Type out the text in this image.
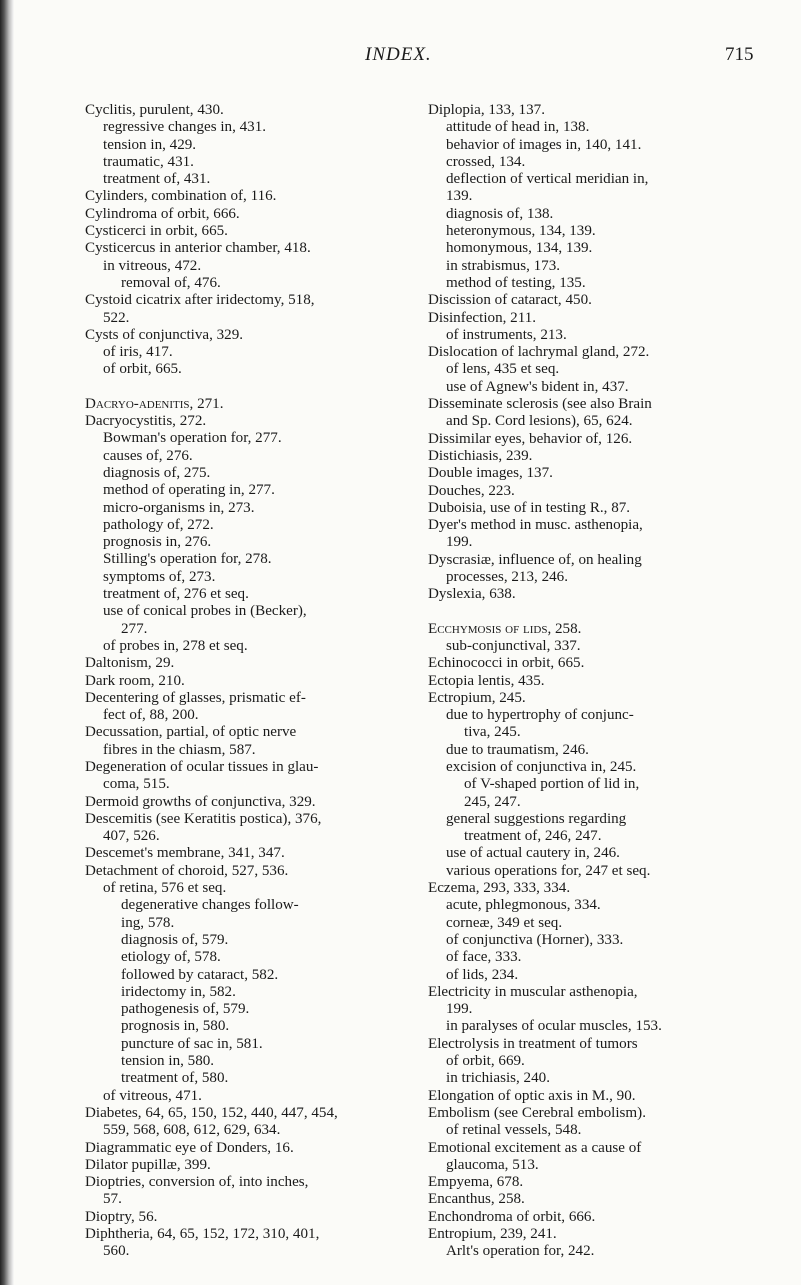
INDEX.	715
Cyclitis, purulent, 430.
regressive changes in, 431.
tension in, 429.
traumatic, 431.
treatment of, 431.
Cylinders, combination of, 116.
Cylindroma of orbit, 666.
Cysticerci in orbit, 665.
Cysticercus in anterior chamber, 418.
in vitreous, 472.
removal of, 476.
Cystoid cicatrix after iridectomy, 518,
522.
Cysts of conjunctiva, 329.
of iris, 417.
of orbit, 665.
Dacryo-adenitis, 271.
Dacryocystitis, 272.
Bowman's operation for, 277.
causes of, 276.
diagnosis of, 275.
method of operating in, 277.
micro-organisms in, 273.
pathology of, 272.
prognosis in, 276.
Stilling's operation for, 278.
symptoms of, 273.
treatment of, 276 et seq.
use of conical probes in (Becker),
277.
of probes in, 278 et seq.
Daltonism, 29.
Dark room, 210.
Decentering of glasses, prismatic ef-
fect of, 88, 200.
Decussation, partial, of optic nerve
fibres in the chiasm, 587.
Degeneration of ocular tissues in glau-
coma, 515.
Dermoid growths of conjunctiva, 329.
Descemitis (see Keratitis postica), 376,
407, 526.
Descemet's membrane, 341, 347.
Detachment of choroid, 527, 536.
of retina, 576 et seq.
degenerative changes follow-
ing, 578.
diagnosis of, 579.
etiology of, 578.
followed by cataract, 582.
iridectomy in, 582.
pathogenesis of, 579.
prognosis in, 580.
puncture of sac in, 581.
tension in, 580.
treatment of, 580.
of vitreous, 471.
Diabetes, 64, 65, 150, 152, 440, 447, 454,
559, 568, 608, 612, 629, 634.
Diagrammatic eye of Donders, 16.
Dilator pupillæ, 399.
Dioptries, conversion of, into inches,
57.
Dioptry, 56.
Diphtheria, 64, 65, 152, 172, 310, 401,
560.
Diplopia, 133, 137.
attitude of head in, 138.
behavior of images in, 140, 141.
crossed, 134.
deflection of vertical meridian in,
139.
diagnosis of, 138.
heteronymous, 134, 139.
homonymous, 134, 139.
in strabismus, 173.
method of testing, 135.
Discission of cataract, 450.
Disinfection, 211.
of instruments, 213.
Dislocation of lachrymal gland, 272.
of lens, 435 et seq.
use of Agnew's bident in, 437.
Disseminate sclerosis (see also Brain
and Sp. Cord lesions), 65, 624.
Dissimilar eyes, behavior of, 126.
Distichiasis, 239.
Double images, 137.
Douches, 223.
Duboisia, use of in testing R., 87.
Dyer's method in musc. asthenopia,
199.
Dyscrasiæ, influence of, on healing
processes, 213, 246.
Dyslexia, 638.
Ecchymosis of lids, 258.
sub-conjunctival, 337.
Echinococci in orbit, 665.
Ectopia lentis, 435.
Ectropium, 245.
due to hypertrophy of conjunc-
tiva, 245.
due to traumatism, 246.
excision of conjunctiva in, 245.
of V-shaped portion of lid in,
245, 247.
general suggestions regarding
treatment of, 246, 247.
use of actual cautery in, 246.
various operations for, 247 et seq.
Eczema, 293, 333, 334.
acute, phlegmonous, 334.
corneæ, 349 et seq.
of conjunctiva (Horner), 333.
of face, 333.
of lids, 234.
Electricity in muscular asthenopia,
199.
in paralyses of ocular muscles, 153.
Electrolysis in treatment of tumors
of orbit, 669.
in trichiasis, 240.
Elongation of optic axis in M., 90.
Embolism (see Cerebral embolism).
of retinal vessels, 548.
Emotional excitement as a cause of
glaucoma, 513.
Empyema, 678.
Encanthus, 258.
Enchondroma of orbit, 666.
Entropium, 239, 241.
Arlt's operation for, 242.
